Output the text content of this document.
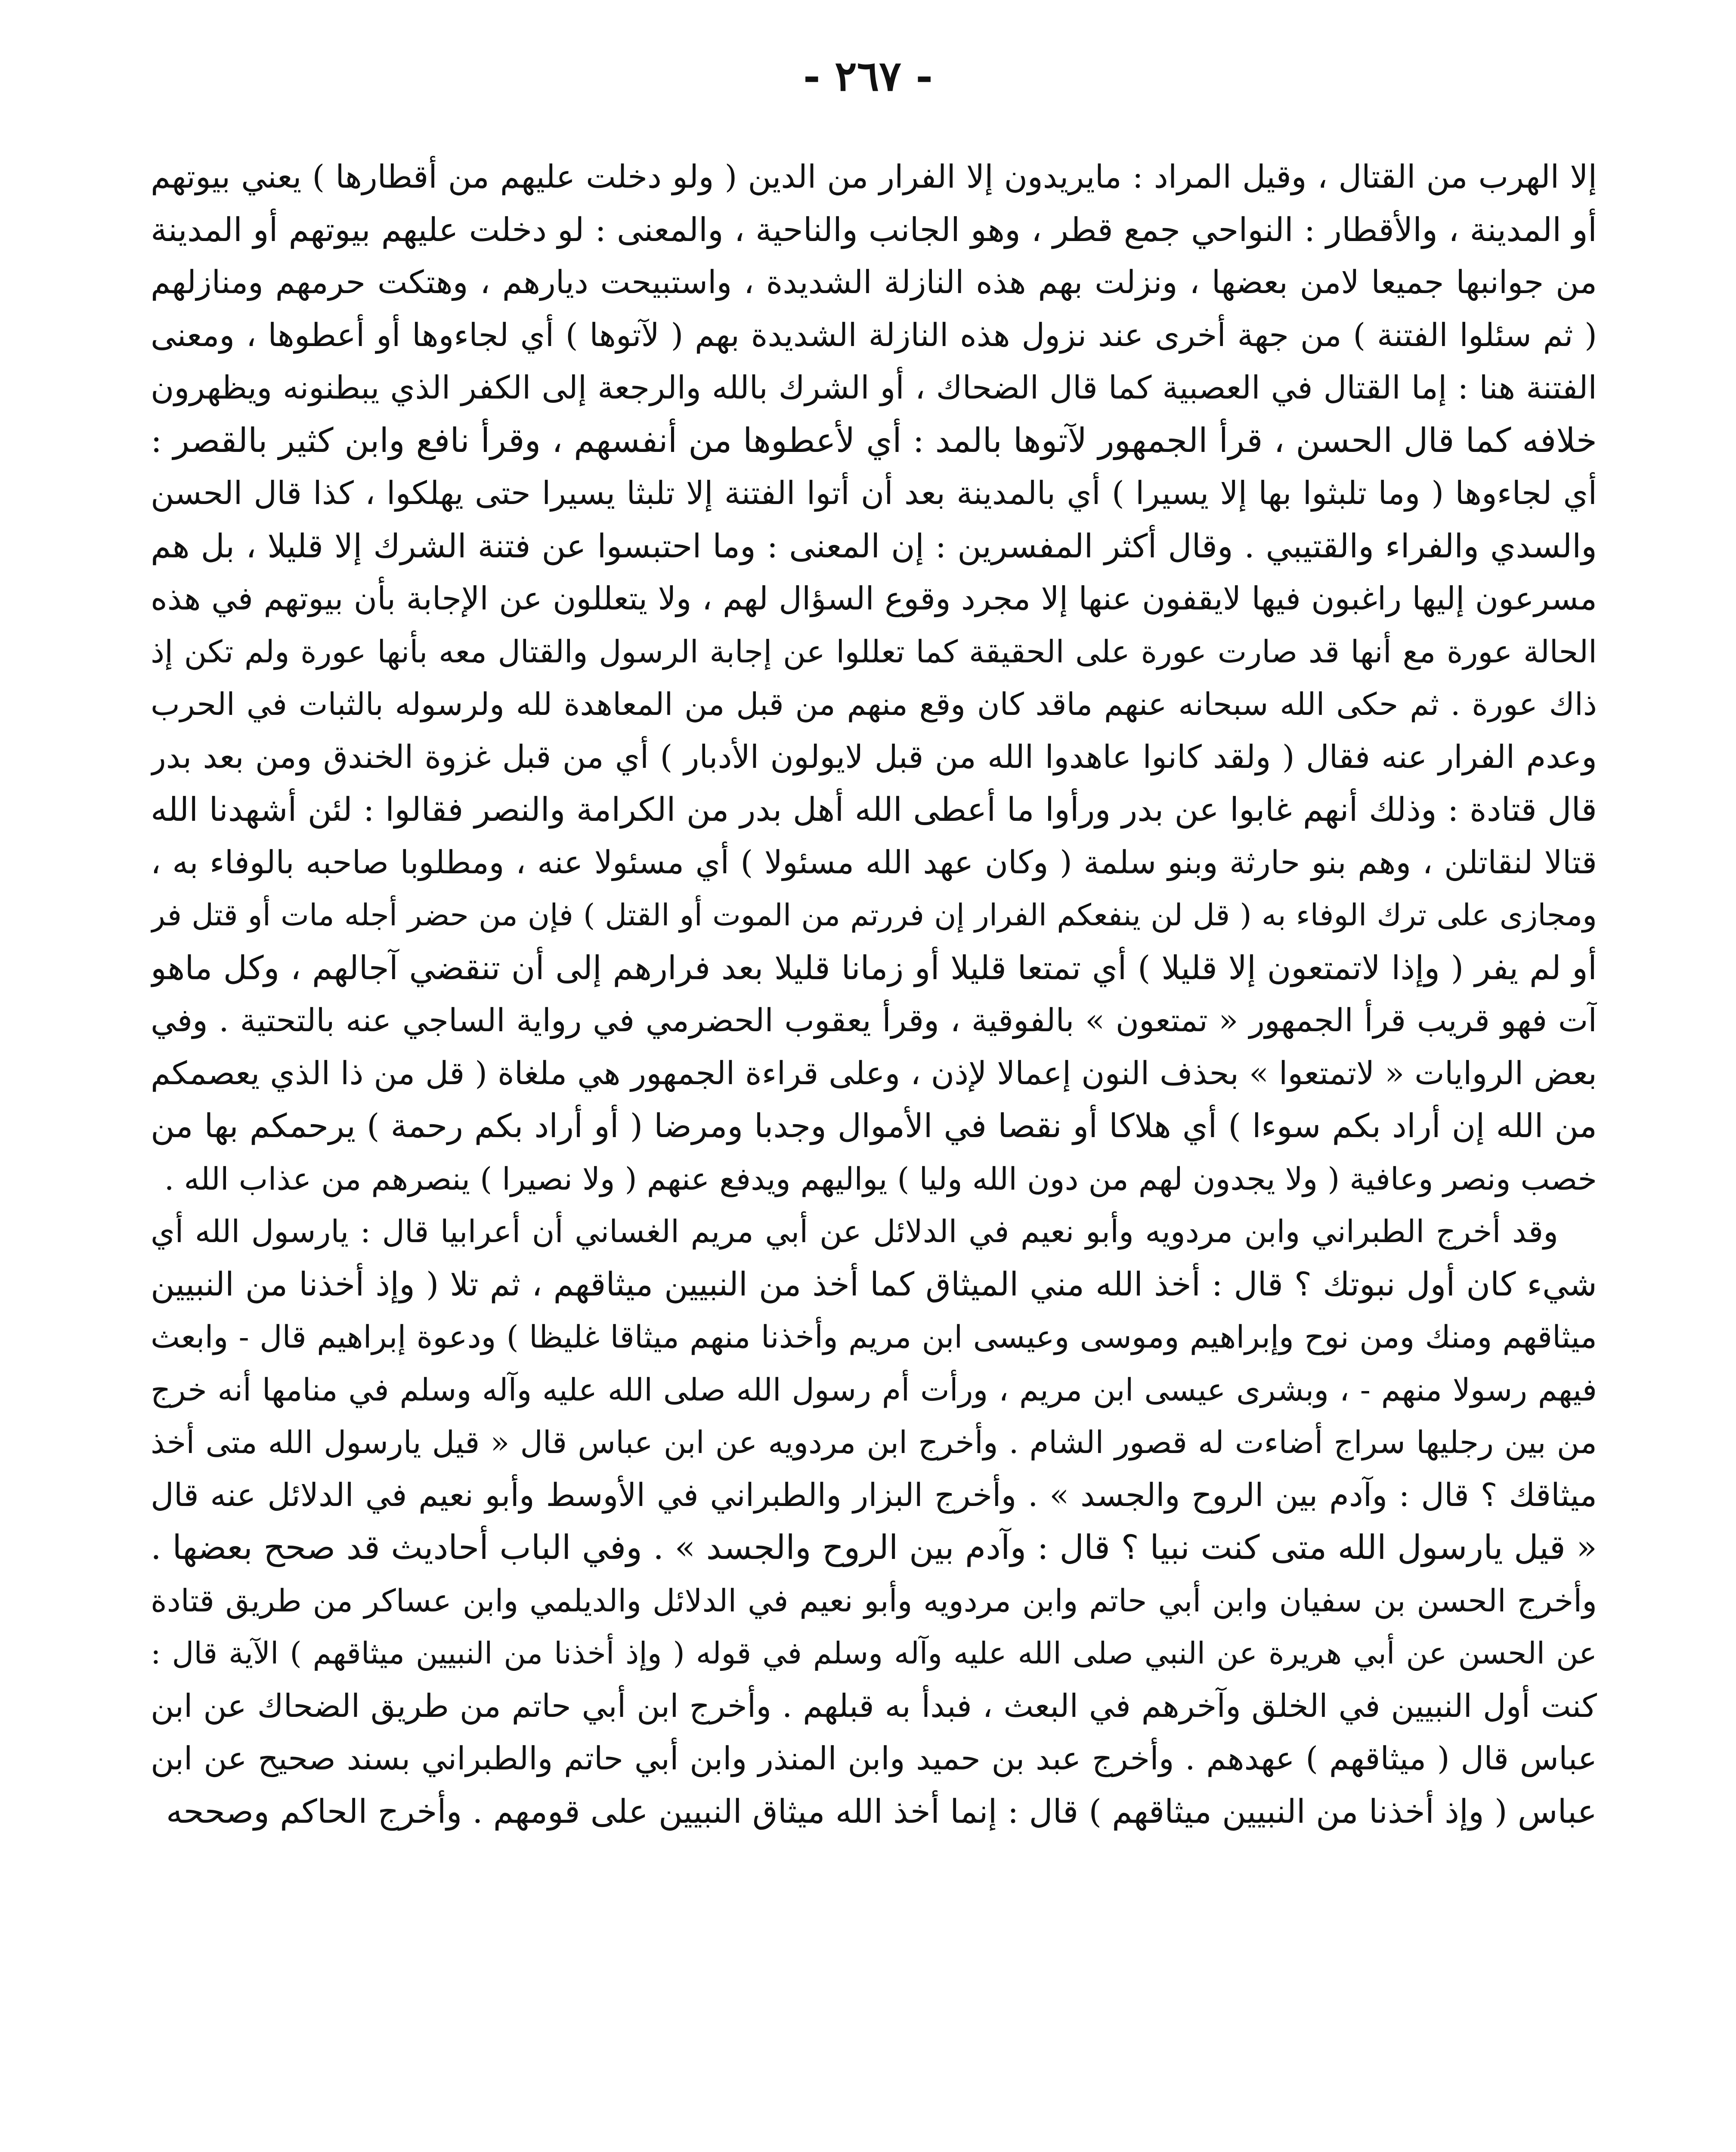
- ٢٦٧ -
إلا الهرب من القتال ، وقيل المراد : مايريدون إلا الفرار من الدين ( ولو دخلت عليهم من أقطارها ) يعني بيوتهم
أو المدينة ، والأقطار : النواحي جمع قطر ، وهو الجانب والناحية ، والمعنى : لو دخلت عليهم بيوتهم أو المدينة
من جوانبها جميعا لامن بعضها ، ونزلت بهم هذه النازلة الشديدة ، واستبيحت ديارهم ، وهتكت حرمهم ومنازلهم
( ثم سئلوا الفتنة ) من جهة أخرى عند نزول هذه النازلة الشديدة بهم ( لآتوها ) أي لجاءوها أو أعطوها ، ومعنى
الفتنة هنا : إما القتال في العصبية كما قال الضحاك ، أو الشرك بالله والرجعة إلى الكفر الذي يبطنونه ويظهرون
خلافه كما قال الحسن ، قرأ الجمهور لآتوها بالمد : أي لأعطوها من أنفسهم ، وقرأ نافع وابن كثير بالقصر :
أي لجاءوها ( وما تلبثوا بها إلا يسيرا ) أي بالمدينة بعد أن أتوا الفتنة إلا تلبثا يسيرا حتى يهلكوا ، كذا قال الحسن
والسدي والفراء والقتيبي . وقال أكثر المفسرين : إن المعنى : وما احتبسوا عن فتنة الشرك إلا قليلا ، بل هم
مسرعون إليها راغبون فيها لايقفون عنها إلا مجرد وقوع السؤال لهم ، ولا يتعللون عن الإجابة بأن بيوتهم في هذه
الحالة عورة مع أنها قد صارت عورة على الحقيقة كما تعللوا عن إجابة الرسول والقتال معه بأنها عورة ولم تكن إذ
ذاك عورة . ثم حكى الله سبحانه عنهم ماقد كان وقع منهم من قبل من المعاهدة لله ولرسوله بالثبات في الحرب
وعدم الفرار عنه فقال ( ولقد كانوا عاهدوا الله من قبل لايولون الأدبار ) أي من قبل غزوة الخندق ومن بعد بدر
قال قتادة : وذلك أنهم غابوا عن بدر ورأوا ما أعطى الله أهل بدر من الكرامة والنصر فقالوا : لئن أشهدنا الله
قتالا لنقاتلن ، وهم بنو حارثة وبنو سلمة ( وكان عهد الله مسئولا ) أي مسئولا عنه ، ومطلوبا صاحبه بالوفاء به ،
ومجازى على ترك الوفاء به ( قل لن ينفعكم الفرار إن فررتم من الموت أو القتل ) فإن من حضر أجله مات أو قتل فر
أو لم يفر ( وإذا لاتمتعون إلا قليلا ) أي تمتعا قليلا أو زمانا قليلا بعد فرارهم إلى أن تنقضي آجالهم ، وكل ماهو
آت فهو قريب قرأ الجمهور « تمتعون » بالفوقية ، وقرأ يعقوب الحضرمي في رواية الساجي عنه بالتحتية . وفي
بعض الروايات « لاتمتعوا » بحذف النون إعمالا لإذن ، وعلى قراءة الجمهور هي ملغاة ( قل من ذا الذي يعصمكم
من الله إن أراد بكم سوءا ) أي هلاكا أو نقصا في الأموال وجدبا ومرضا ( أو أراد بكم رحمة ) يرحمكم بها من
خصب ونصر وعافية ( ولا يجدون لهم من دون الله وليا ) يواليهم ويدفع عنهم ( ولا نصيرا ) ينصرهم من عذاب الله .
وقد أخرج الطبراني وابن مردويه وأبو نعيم في الدلائل عن أبي مريم الغساني أن أعرابيا قال : يارسول الله أي
شيء كان أول نبوتك ؟ قال : أخذ الله مني الميثاق كما أخذ من النبيين ميثاقهم ، ثم تلا ( وإذ أخذنا من النبيين
ميثاقهم ومنك ومن نوح وإبراهيم وموسى وعيسى ابن مريم وأخذنا منهم ميثاقا غليظا ) ودعوة إبراهيم قال - وابعث
فيهم رسولا منهم - ، وبشرى عيسى ابن مريم ، ورأت أم رسول الله صلى الله عليه وآله وسلم في منامها أنه خرج
من بين رجليها سراج أضاءت له قصور الشام . وأخرج ابن مردويه عن ابن عباس قال « قيل يارسول الله متى أخذ
ميثاقك ؟ قال : وآدم بين الروح والجسد » . وأخرج البزار والطبراني في الأوسط وأبو نعيم في الدلائل عنه قال
« قيل يارسول الله متى كنت نبيا ؟ قال : وآدم بين الروح والجسد » . وفي الباب أحاديث قد صحح بعضها .
وأخرج الحسن بن سفيان وابن أبي حاتم وابن مردويه وأبو نعيم في الدلائل والديلمي وابن عساكر من طريق قتادة
عن الحسن عن أبي هريرة عن النبي صلى الله عليه وآله وسلم في قوله ( وإذ أخذنا من النبيين ميثاقهم ) الآية قال :
كنت أول النبيين في الخلق وآخرهم في البعث ، فبدأ به قبلهم . وأخرج ابن أبي حاتم من طريق الضحاك عن ابن
عباس قال ( ميثاقهم ) عهدهم . وأخرج عبد بن حميد وابن المنذر وابن أبي حاتم والطبراني بسند صحيح عن ابن
عباس ( وإذ أخذنا من النبيين ميثاقهم ) قال : إنما أخذ الله ميثاق النبيين على قومهم . وأخرج الحاكم وصححه
